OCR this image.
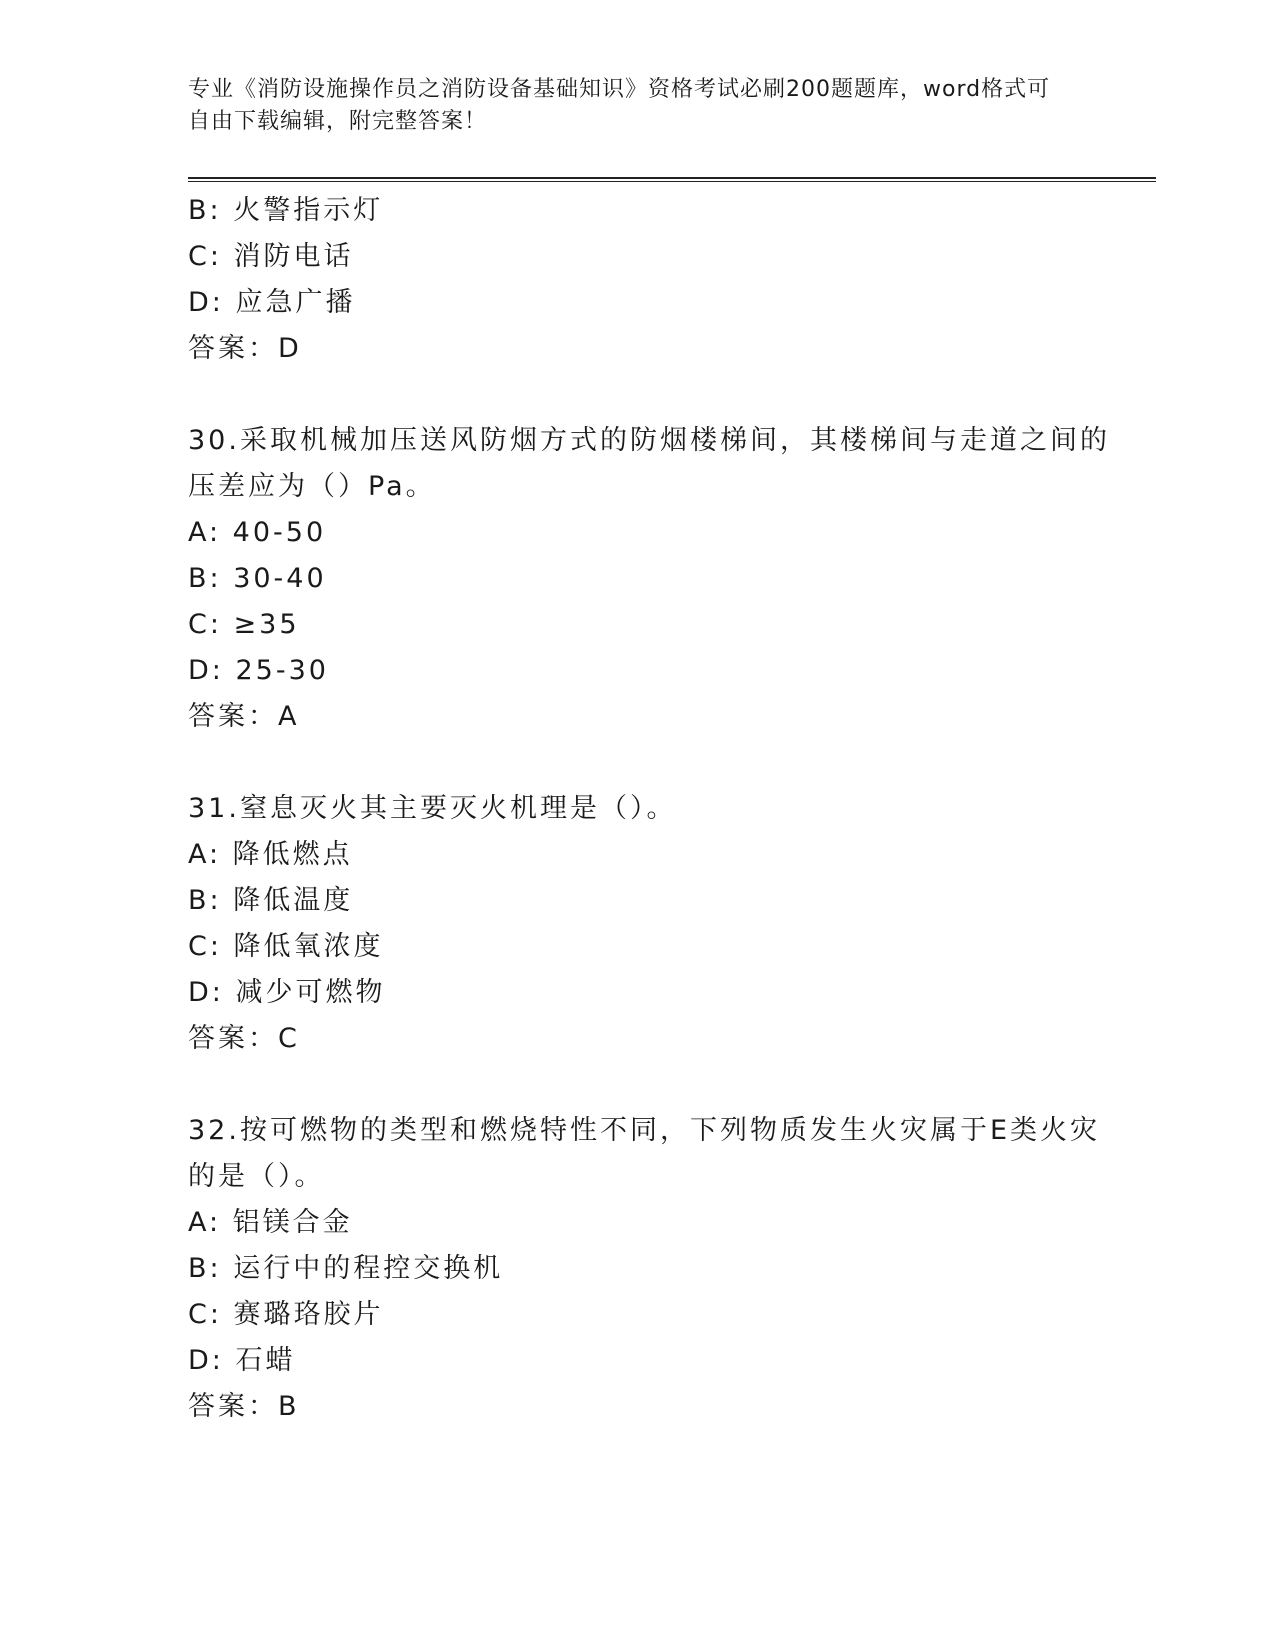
专业《消防设施操作员之消防设备基础知识》资格考试必刷200题题库，word格式可自由下载编辑，附完整答案！
B: 火警指示灯
C: 消防电话
D: 应急广播
答案：D
30.采取机械加压送风防烟方式的防烟楼梯间，其楼梯间与走道之间的
压差应为（）Pa。
A: 40-50
B: 30-40
C: ≥35
D: 25-30
答案：A
31.窒息灭火其主要灭火机理是（）。
A: 降低燃点
B: 降低温度
C: 降低氧浓度
D: 减少可燃物
答案：C
32.按可燃物的类型和燃烧特性不同，下列物质发生火灾属于E类火灾
的是（）。
A: 铝镁合金
B: 运行中的程控交换机
C: 赛璐珞胶片
D: 石蜡
答案：B
